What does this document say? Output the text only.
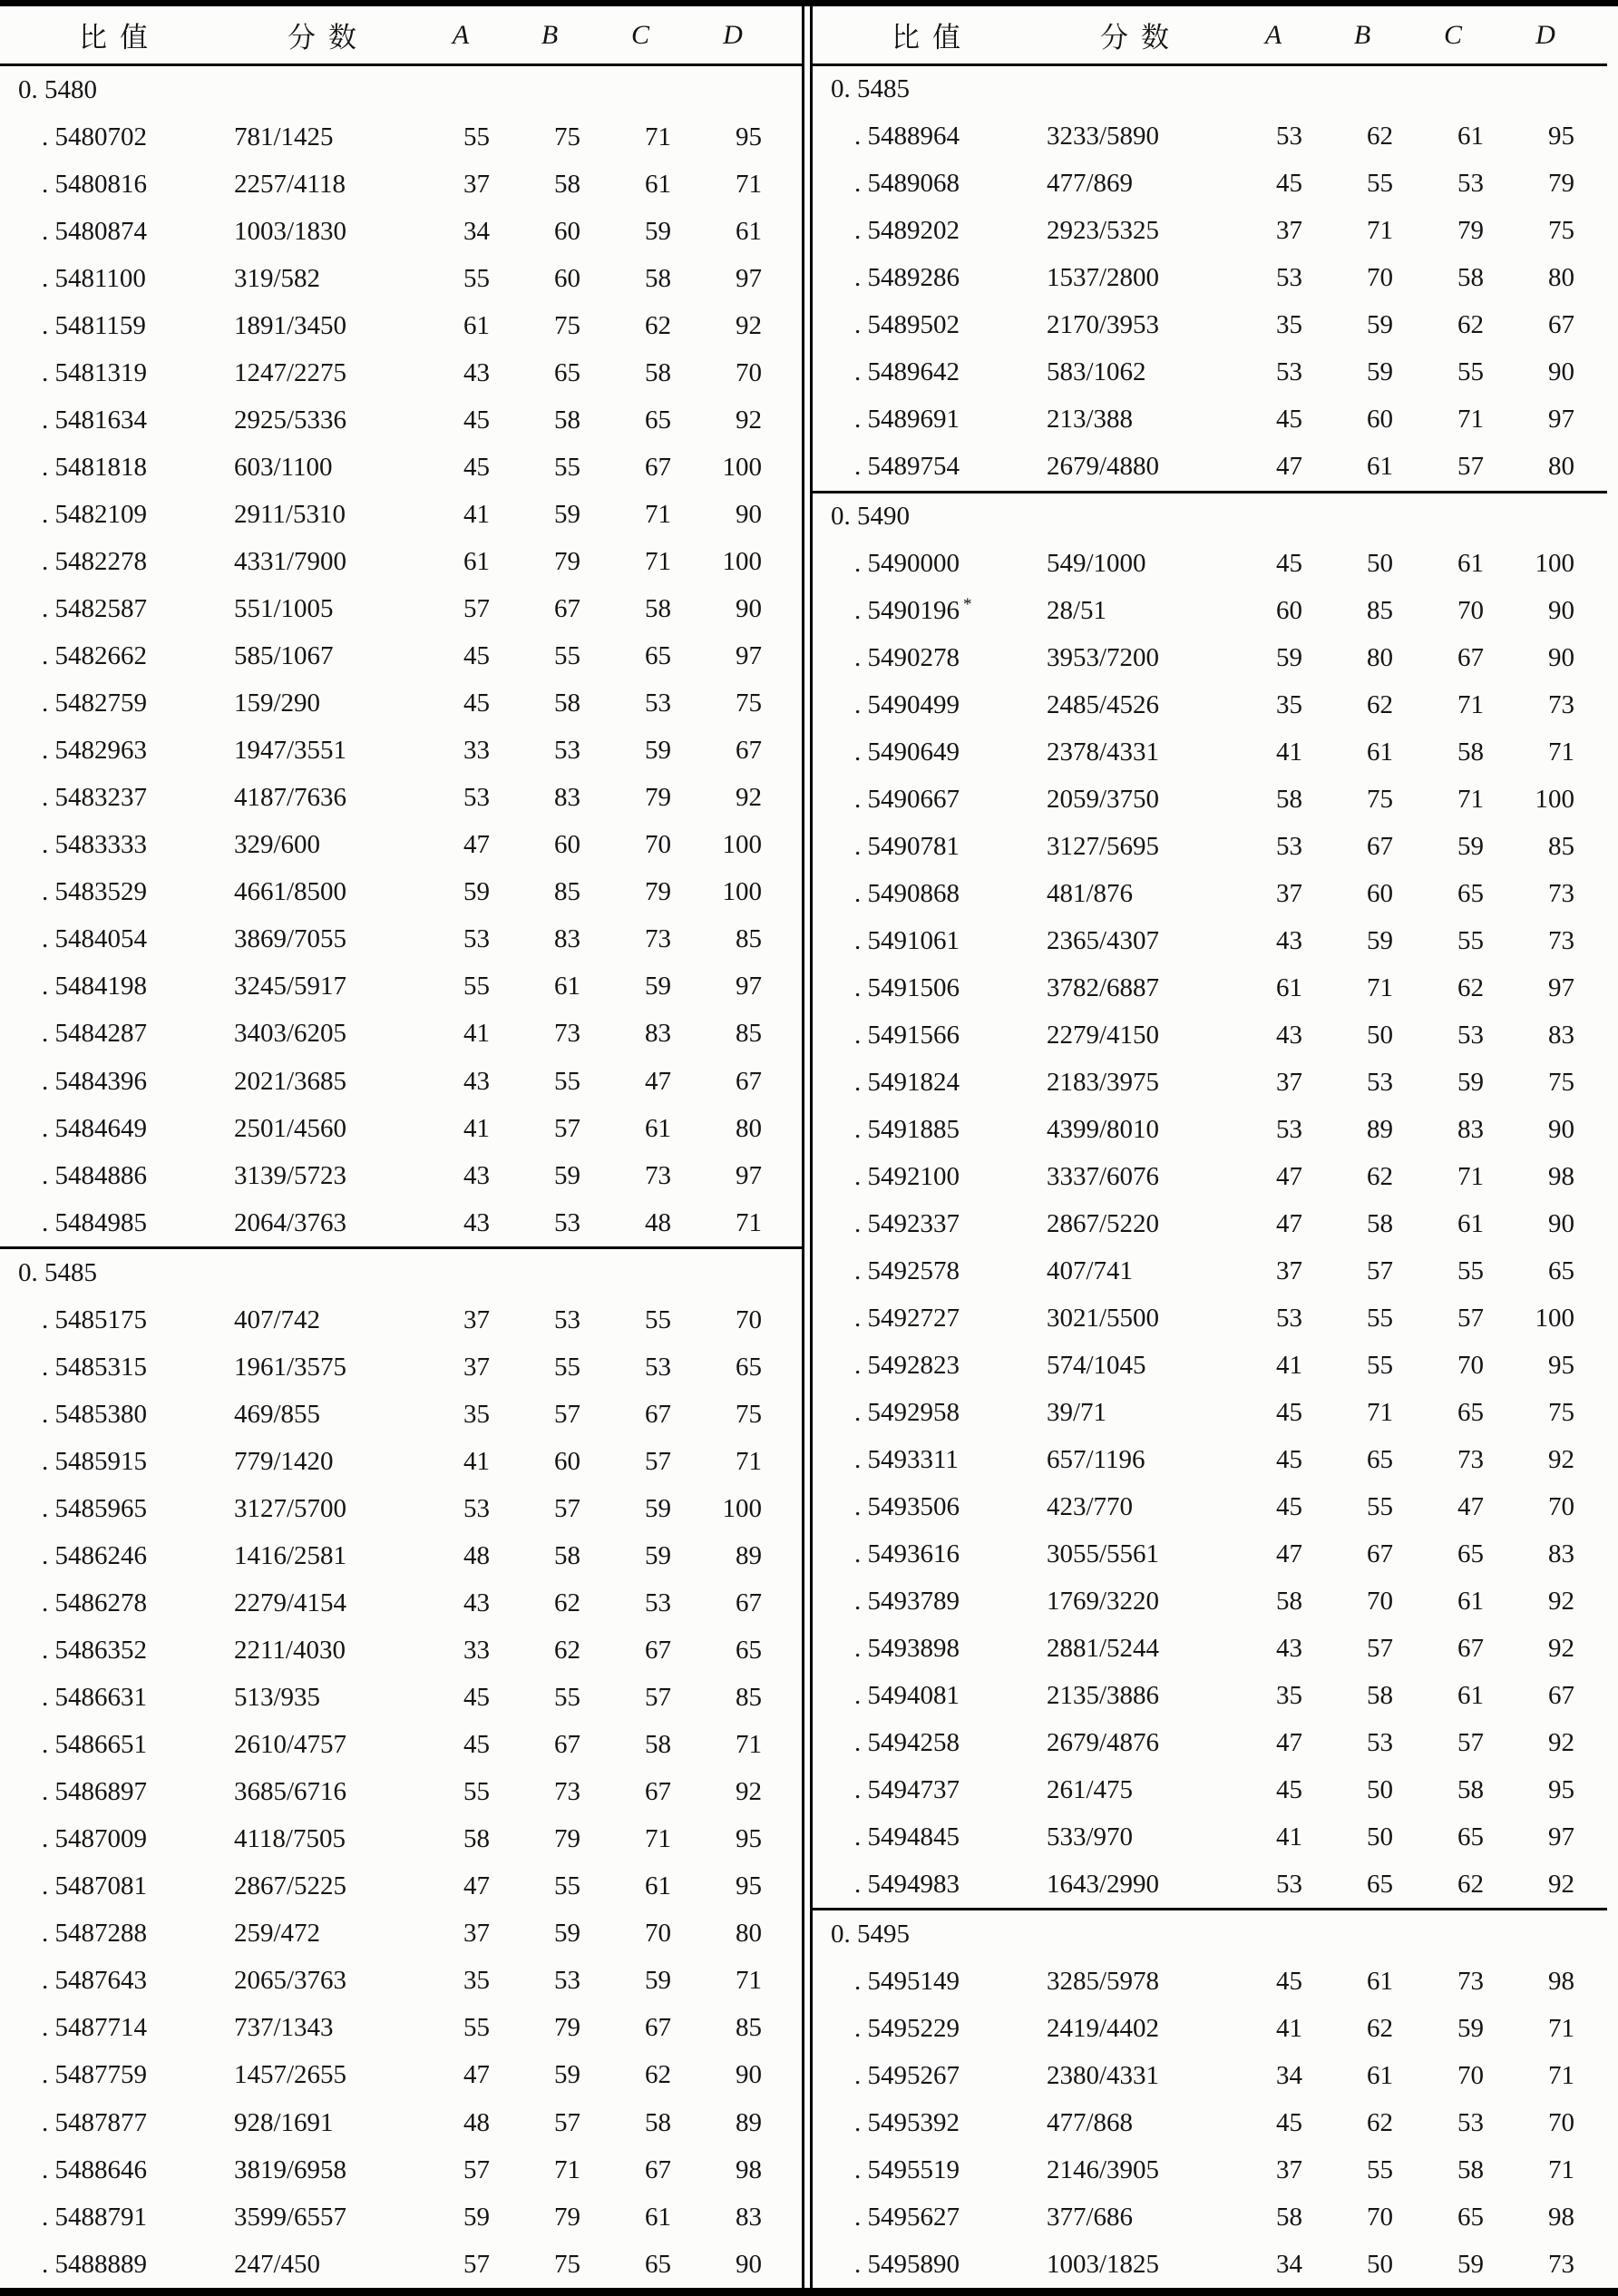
比值	分数	A	B	C	D
0. 5480
. 5480702	781/1425	55	75	71	95
. 5480816	2257/4118	37	58	61	71
. 5480874	1003/1830	34	60	59	61
. 5481100	319/582	55	60	58	97
. 5481159	1891/3450	61	75	62	92
. 5481319	1247/2275	43	65	58	70
. 5481634	2925/5336	45	58	65	92
. 5481818	603/1100	45	55	67	100
. 5482109	2911/5310	41	59	71	90
. 5482278	4331/7900	61	79	71	100
. 5482587	551/1005	57	67	58	90
. 5482662	585/1067	45	55	65	97
. 5482759	159/290	45	58	53	75
. 5482963	1947/3551	33	53	59	67
. 5483237	4187/7636	53	83	79	92
. 5483333	329/600	47	60	70	100
. 5483529	4661/8500	59	85	79	100
. 5484054	3869/7055	53	83	73	85
. 5484198	3245/5917	55	61	59	97
. 5484287	3403/6205	41	73	83	85
. 5484396	2021/3685	43	55	47	67
. 5484649	2501/4560	41	57	61	80
. 5484886	3139/5723	43	59	73	97
. 5484985	2064/3763	43	53	48	71
0. 5485
. 5485175	407/742	37	53	55	70
. 5485315	1961/3575	37	55	53	65
. 5485380	469/855	35	57	67	75
. 5485915	779/1420	41	60	57	71
. 5485965	3127/5700	53	57	59	100
. 5486246	1416/2581	48	58	59	89
. 5486278	2279/4154	43	62	53	67
. 5486352	2211/4030	33	62	67	65
. 5486631	513/935	45	55	57	85
. 5486651	2610/4757	45	67	58	71
. 5486897	3685/6716	55	73	67	92
. 5487009	4118/7505	58	79	71	95
. 5487081	2867/5225	47	55	61	95
. 5487288	259/472	37	59	70	80
. 5487643	2065/3763	35	53	59	71
. 5487714	737/1343	55	79	67	85
. 5487759	1457/2655	47	59	62	90
. 5487877	928/1691	48	57	58	89
. 5488646	3819/6958	57	71	67	98
. 5488791	3599/6557	59	79	61	83
. 5488889	247/450	57	75	65	90
比值	分数	A	B	C	D
0. 5485
. 5488964	3233/5890	53	62	61	95
. 5489068	477/869	45	55	53	79
. 5489202	2923/5325	37	71	79	75
. 5489286	1537/2800	53	70	58	80
. 5489502	2170/3953	35	59	62	67
. 5489642	583/1062	53	59	55	90
. 5489691	213/388	45	60	71	97
. 5489754	2679/4880	47	61	57	80
0. 5490
. 5490000	549/1000	45	50	61	100
. 5490196 *	28/51	60	85	70	90
. 5490278	3953/7200	59	80	67	90
. 5490499	2485/4526	35	62	71	73
. 5490649	2378/4331	41	61	58	71
. 5490667	2059/3750	58	75	71	100
. 5490781	3127/5695	53	67	59	85
. 5490868	481/876	37	60	65	73
. 5491061	2365/4307	43	59	55	73
. 5491506	3782/6887	61	71	62	97
. 5491566	2279/4150	43	50	53	83
. 5491824	2183/3975	37	53	59	75
. 5491885	4399/8010	53	89	83	90
. 5492100	3337/6076	47	62	71	98
. 5492337	2867/5220	47	58	61	90
. 5492578	407/741	37	57	55	65
. 5492727	3021/5500	53	55	57	100
. 5492823	574/1045	41	55	70	95
. 5492958	39/71	45	71	65	75
. 5493311	657/1196	45	65	73	92
. 5493506	423/770	45	55	47	70
. 5493616	3055/5561	47	67	65	83
. 5493789	1769/3220	58	70	61	92
. 5493898	2881/5244	43	57	67	92
. 5494081	2135/3886	35	58	61	67
. 5494258	2679/4876	47	53	57	92
. 5494737	261/475	45	50	58	95
. 5494845	533/970	41	50	65	97
. 5494983	1643/2990	53	65	62	92
0. 5495
. 5495149	3285/5978	45	61	73	98
. 5495229	2419/4402	41	62	59	71
. 5495267	2380/4331	34	61	70	71
. 5495392	477/868	45	62	53	70
. 5495519	2146/3905	37	55	58	71
. 5495627	377/686	58	70	65	98
. 5495890	1003/1825	34	50	59	73
